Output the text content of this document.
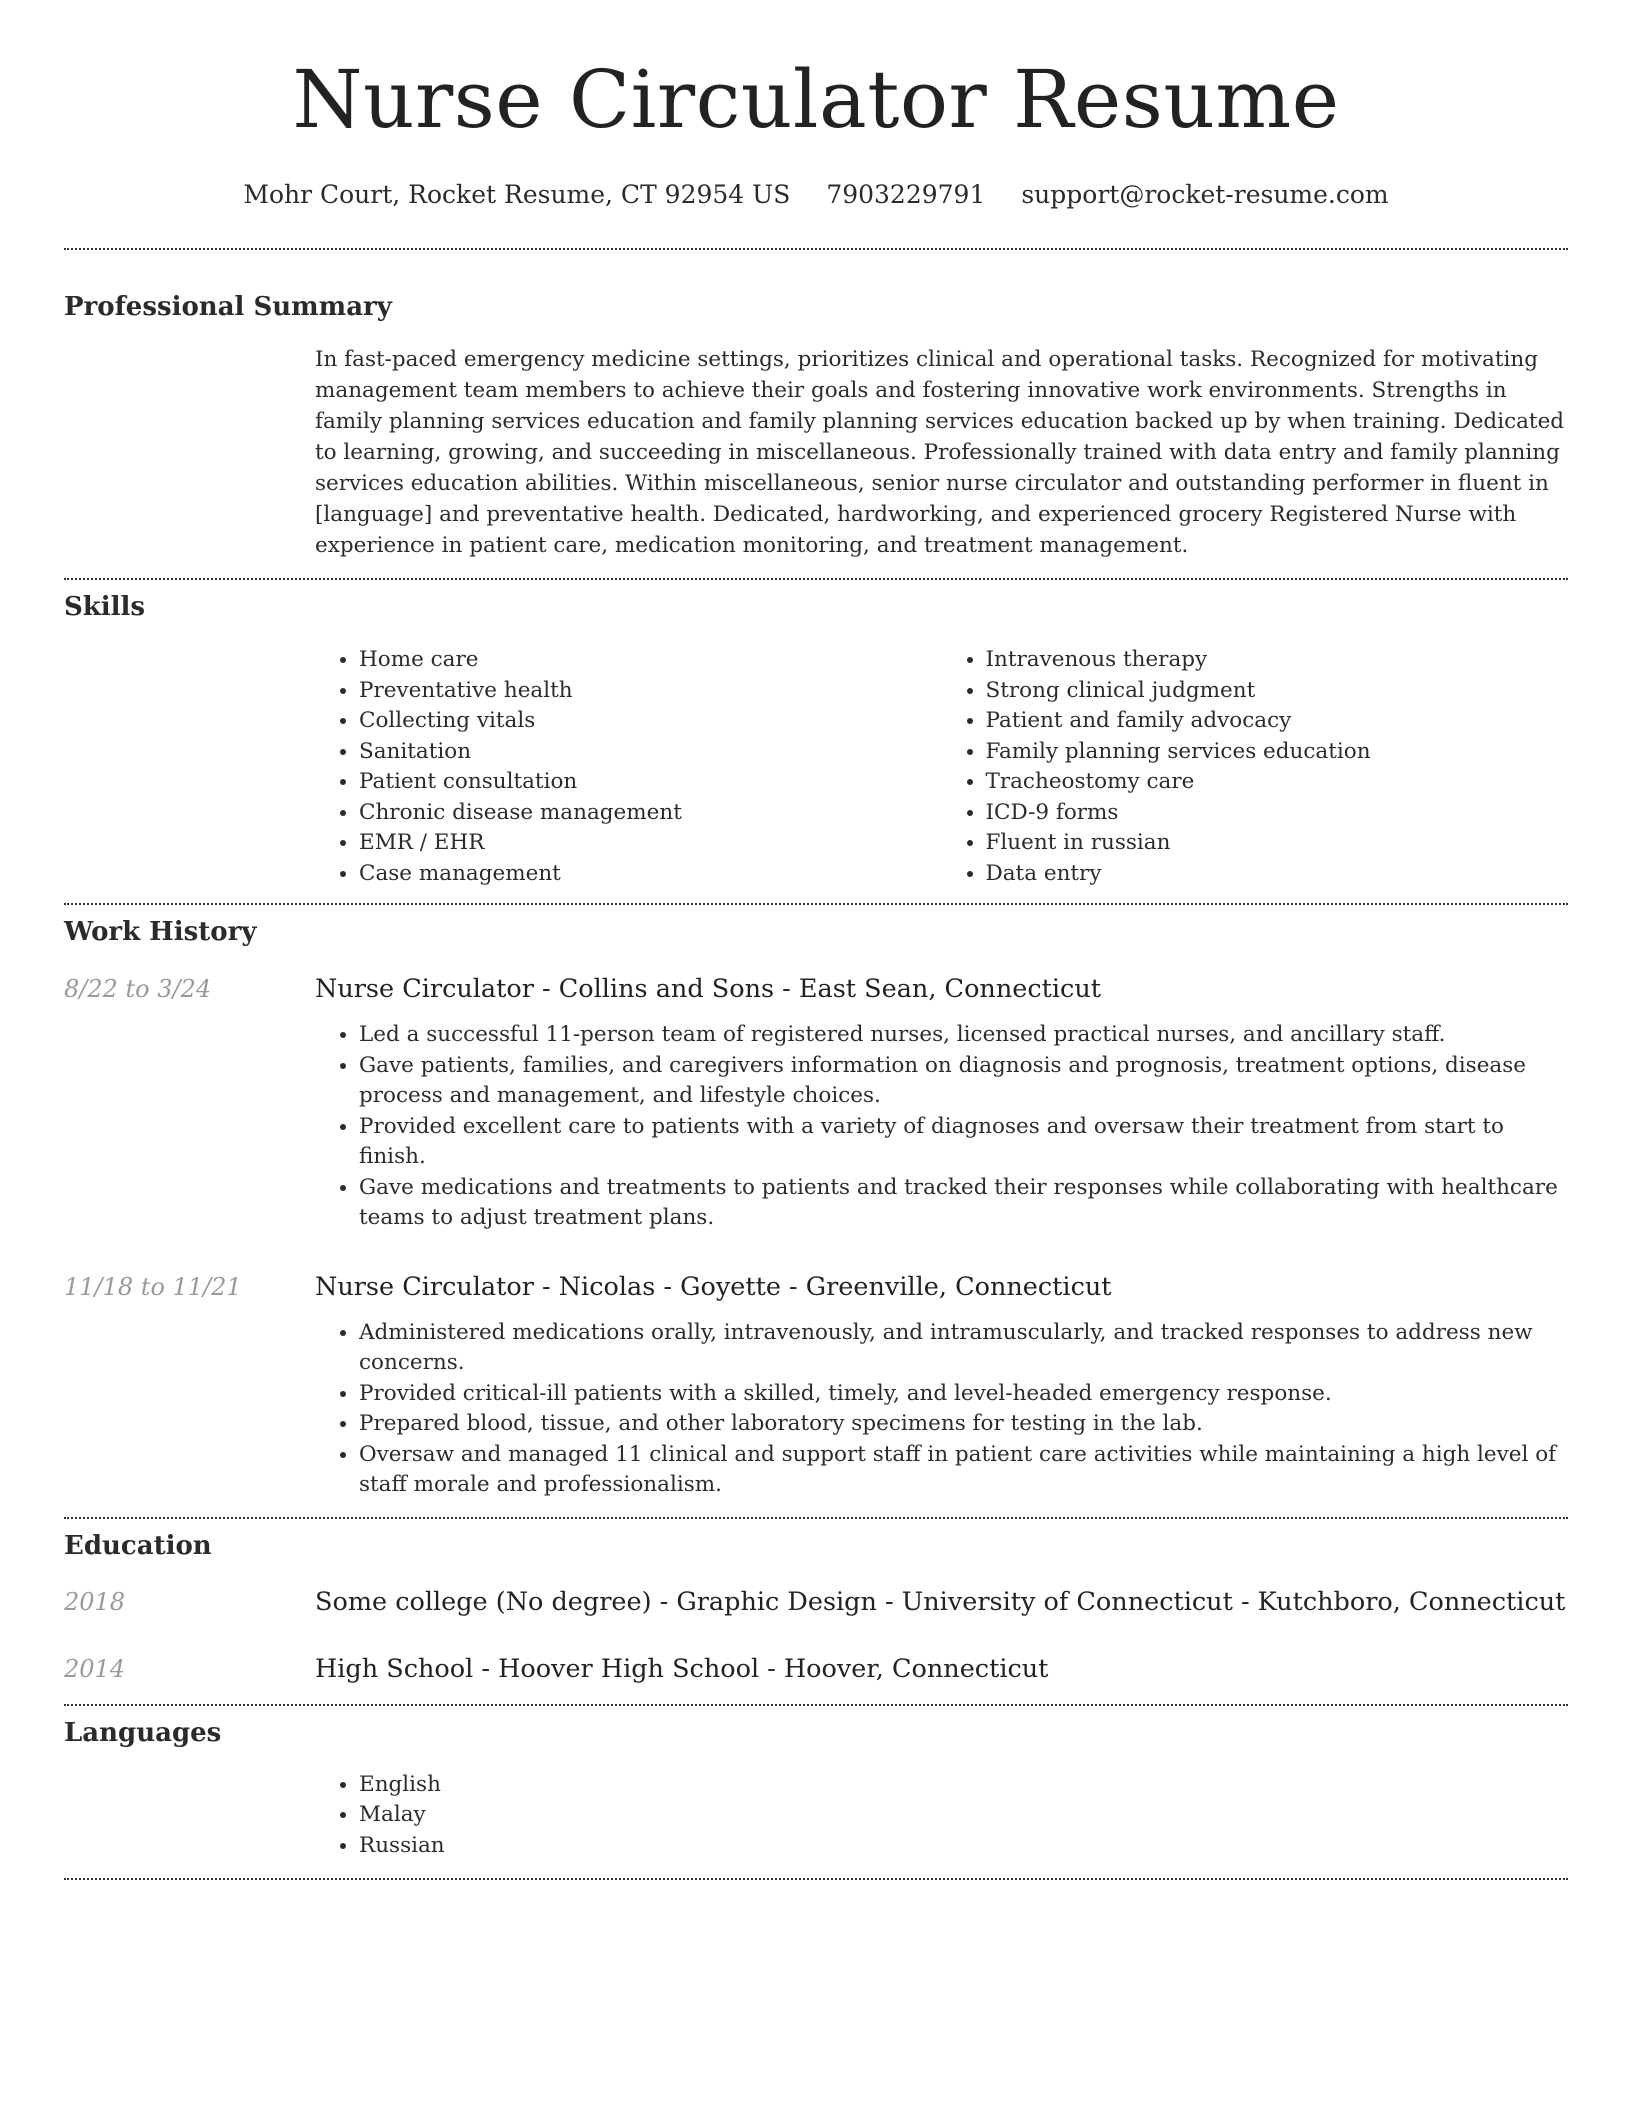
Nurse Circulator Resume
Mohr Court, Rocket Resume, CT 92954 US 7903229791 support@rocket-resume.com
Professional Summary

In fast-paced emergency medicine settings, prioritizes clinical and operational tasks. Recognized for motivating management team members to achieve their goals and fostering innovative work environments. Strengths in family planning services education and family planning services education backed up by when training. Dedicated to learning, growing, and succeeding in miscellaneous. Professionally trained with data entry and family planning services education abilities. Within miscellaneous, senior nurse circulator and outstanding performer in fluent in [language] and preventative health. Dedicated, hardworking, and experienced grocery Registered Nurse with experience in patient care, medication monitoring, and treatment management.

Skills
• Home care
• Preventative health
• Collecting vitals
• Sanitation
• Patient consultation
• Chronic disease management
• EMR / EHR
• Case management
• Intravenous therapy
• Strong clinical judgment
• Patient and family advocacy
• Family planning services education
• Tracheostomy care
• ICD-9 forms
• Fluent in russian
• Data entry
Work History
8/22 to 3/24	Nurse Circulator - Collins and Sons - East Sean, Connecticut
• Led a successful 11-person team of registered nurses, licensed practical nurses, and ancillary staff.
• Gave patients, families, and caregivers information on diagnosis and prognosis, treatment options, disease process and management, and lifestyle choices.
• Provided excellent care to patients with a variety of diagnoses and oversaw their treatment from start to finish.
• Gave medications and treatments to patients and tracked their responses while collaborating with healthcare teams to adjust treatment plans.
11/18 to 11/21	Nurse Circulator - Nicolas - Goyette - Greenville, Connecticut
• Administered medications orally, intravenously, and intramuscularly, and tracked responses to address new concerns.
• Provided critical-ill patients with a skilled, timely, and level-headed emergency response.
• Prepared blood, tissue, and other laboratory specimens for testing in the lab.
• Oversaw and managed 11 clinical and support staff in patient care activities while maintaining a high level of staff morale and professionalism.
Education
2018	Some college (No degree) - Graphic Design - University of Connecticut - Kutchboro, Connecticut
2014	High School - Hoover High School - Hoover, Connecticut
Languages
• English
• Malay
• Russian
